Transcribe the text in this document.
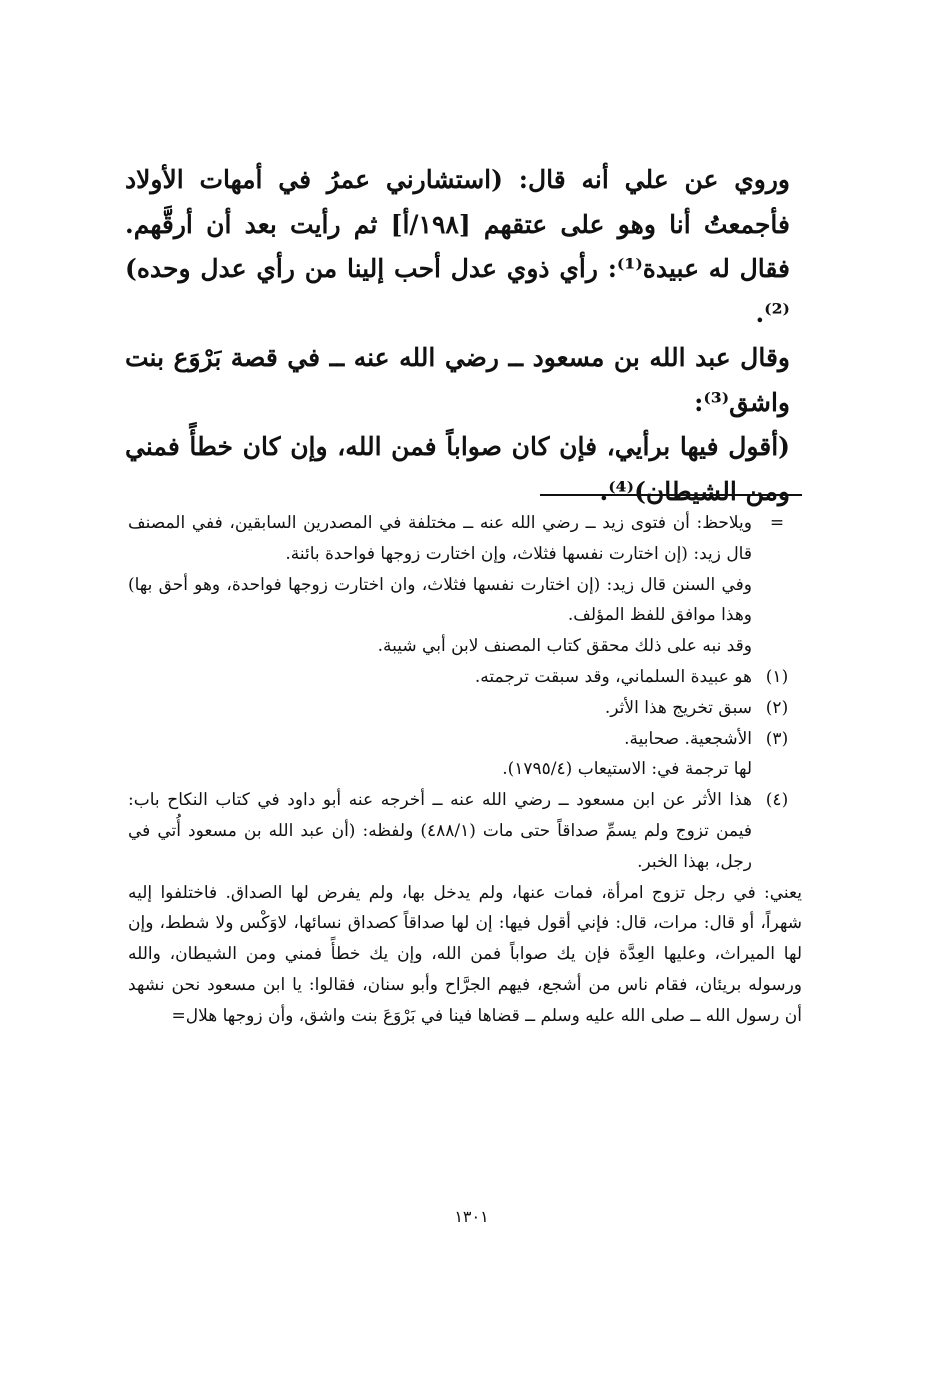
وروي عن علي أنه قال: (استشارني عمرُ في أمهات الأولاد فأجمعتُ أنا وهو على عتقهم [١٩٨/أ] ثم رأيت بعد أن أرقَّهم. فقال له عبيدة⁽¹⁾: رأي ذوي عدل أحب إلينا من رأي عدل وحده)⁽²⁾.

وقال عبد الله بن مسعود ــ رضي الله عنه ــ في قصة بَرْوَع بنت واشق⁽³⁾:

(أقول فيها برأيي، فإن كان صواباً فمن الله، وإن كان خطأً فمني ومن الشيطان)⁽⁴⁾.

=
ويلاحظ: أن فتوى زيد ــ رضي الله عنه ــ مختلفة في المصدرين السابقين، ففي المصنف قال زيد: (إن اختارت نفسها فثلاث، وإن اختارت زوجها فواحدة بائنة.
وفي السنن قال زيد: (إن اختارت نفسها فثلاث، وان اختارت زوجها فواحدة، وهو أحق بها) وهذا موافق للفظ المؤلف.
وقد نبه على ذلك محقق كتاب المصنف لابن أبي شيبة.
(١)
هو عبيدة السلماني، وقد سبقت ترجمته.
(٢)
سبق تخريج هذا الأثر.
(٣)
الأشجعية. صحابية.
لها ترجمة في: الاستيعاب (١٧٩٥/٤).
(٤)
هذا الأثر عن ابن مسعود ــ رضي الله عنه ــ أخرجه عنه أبو داود في كتاب النكاح باب: فيمن تزوج ولم يسمِّ صداقاً حتى مات (٤٨٨/١) ولفظه: (أن عبد الله بن مسعود أُتي في رجل، بهذا الخبر.
يعني: في رجل تزوج امرأة، فمات عنها، ولم يدخل بها، ولم يفرض لها الصداق. فاختلفوا إليه شهراً، أو قال: مرات، قال: فإني أقول فيها: إن لها صداقاً كصداق نسائها، لاوَكْس ولا شطط، وإن لها الميراث، وعليها العِدَّة فإن يك صواباً فمن الله، وإن يك خطأً فمني ومن الشيطان، والله ورسوله بريئان، فقام ناس من أشجع، فيهم الجرَّاح وأبو سنان، فقالوا: يا ابن مسعود نحن نشهد أن رسول الله ــ صلى الله عليه وسلم ــ قضاها فينا في بَرْوَعَ بنت واشق، وأن زوجها هلال=
١٣٠١
